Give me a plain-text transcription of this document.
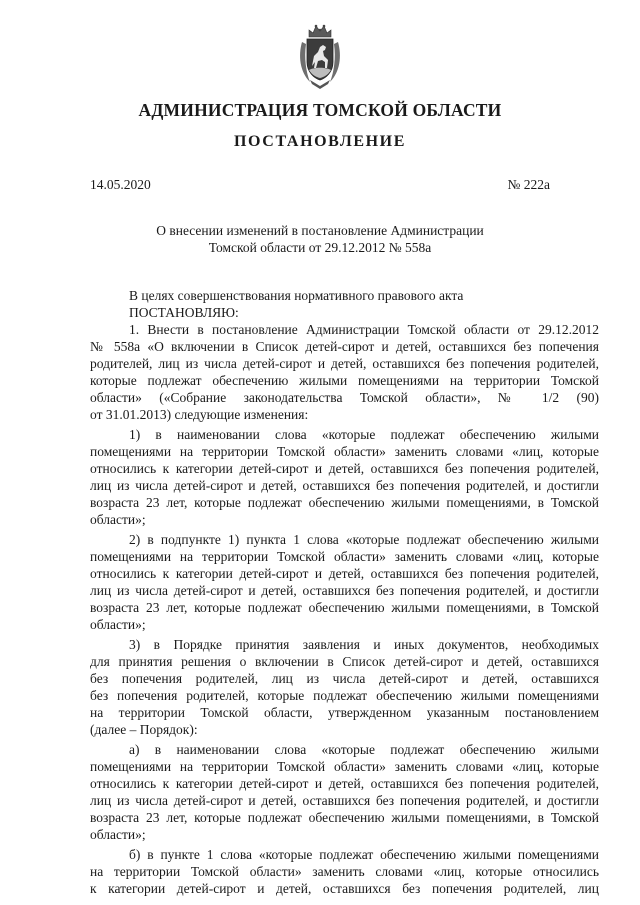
АДМИНИСТРАЦИЯ ТОМСКОЙ ОБЛАСТИ
ПОСТАНОВЛЕНИЕ
14.05.2020	№ 222а
О внесении изменений в постановление Администрации
Томской области от 29.12.2012 № 558а
В целях совершенствования нормативного правового акта
ПОСТАНОВЛЯЮ:
1. Внести в постановление Администрации Томской области от 29.12.2012
№ 558а «О включении в Список детей-сирот и детей, оставшихся без попечения
родителей, лиц из числа детей-сирот и детей, оставшихся без попечения родителей,
которые подлежат обеспечению жилыми помещениями на территории Томской
области» («Собрание законодательства Томской области», № 1/2 (90)
от 31.01.2013) следующие изменения:
1) в наименовании слова «которые подлежат обеспечению жилыми
помещениями на территории Томской области» заменить словами «лиц, которые
относились к категории детей-сирот и детей, оставшихся без попечения родителей,
лиц из числа детей-сирот и детей, оставшихся без попечения родителей, и достигли
возраста 23 лет, которые подлежат обеспечению жилыми помещениями, в Томской
области»;
2) в подпункте 1) пункта 1 слова «которые подлежат обеспечению жилыми
помещениями на территории Томской области» заменить словами «лиц, которые
относились к категории детей-сирот и детей, оставшихся без попечения родителей,
лиц из числа детей-сирот и детей, оставшихся без попечения родителей, и достигли
возраста 23 лет, которые подлежат обеспечению жилыми помещениями, в Томской
области»;
3) в Порядке принятия заявления и иных документов, необходимых
для принятия решения о включении в Список детей-сирот и детей, оставшихся
без попечения родителей, лиц из числа детей-сирот и детей, оставшихся
без попечения родителей, которые подлежат обеспечению жилыми помещениями
на территории Томской области, утвержденном указанным постановлением
(далее – Порядок):
а) в наименовании слова «которые подлежат обеспечению жилыми
помещениями на территории Томской области» заменить словами «лиц, которые
относились к категории детей-сирот и детей, оставшихся без попечения родителей,
лиц из числа детей-сирот и детей, оставшихся без попечения родителей, и достигли
возраста 23 лет, которые подлежат обеспечению жилыми помещениями, в Томской
области»;
б) в пункте 1 слова «которые подлежат обеспечению жилыми помещениями
на территории Томской области» заменить словами «лиц, которые относились
к категории детей-сирот и детей, оставшихся без попечения родителей, лиц
